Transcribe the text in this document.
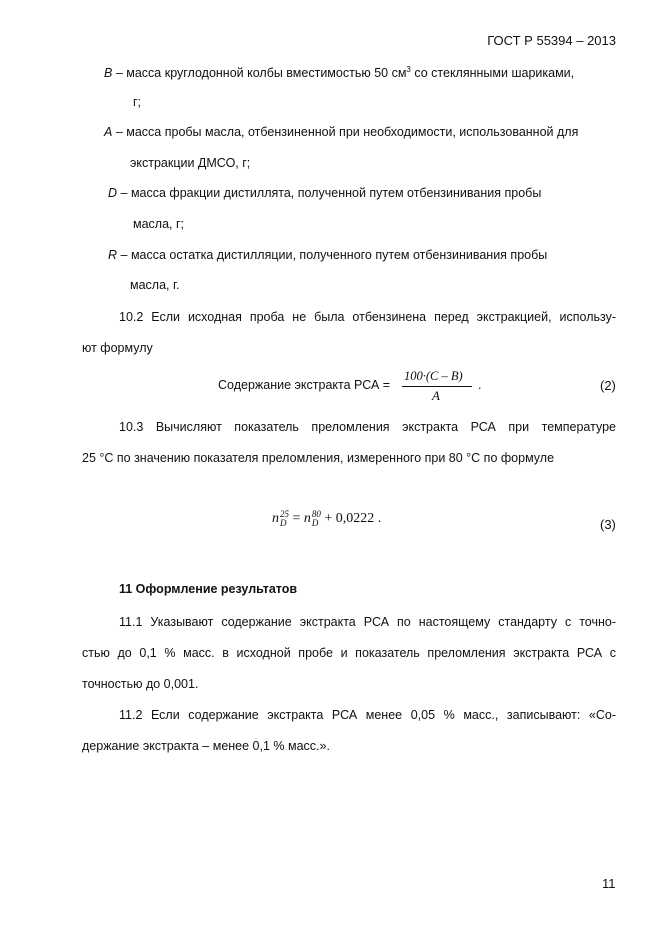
ГОСТ Р 55394 – 2013
B – масса круглодонной колбы вместимостью 50 $см^3$ со стеклянными шариками,
г;
A – масса пробы масла, отбензиненной при необходимости, использованной для
экстракции ДМСО, г;
D – масса фракции дистиллята, полученной путем отбензинивания пробы
масла, г;
R – масса остатка дистилляции, полученного путем отбензинивания пробы
масла, г.
10.2 Если исходная проба не была отбензинена перед экстракцией, использу-
ют формулу
Содержание экстракта РСА =
100·(C – B)
A
.	(2)
10.3 Вычисляют показатель преломления экстракта РСА при температуре
25 °С по значению показателя преломления, измеренного при 80 °С по формуле
n 25
D = n 80
D + 0,0222 .	(3)
11 Оформление результатов
11.1 Указывают содержание экстракта РСА по настоящему стандарту с точно-
стью до 0,1 % масс. в исходной пробе и показатель преломления экстракта РСА с
точностью до 0,001.
11.2 Если содержание экстракта РСА менее 0,05 % масс., записывают: «Со-
держание экстракта – менее 0,1 % масс.».
11
